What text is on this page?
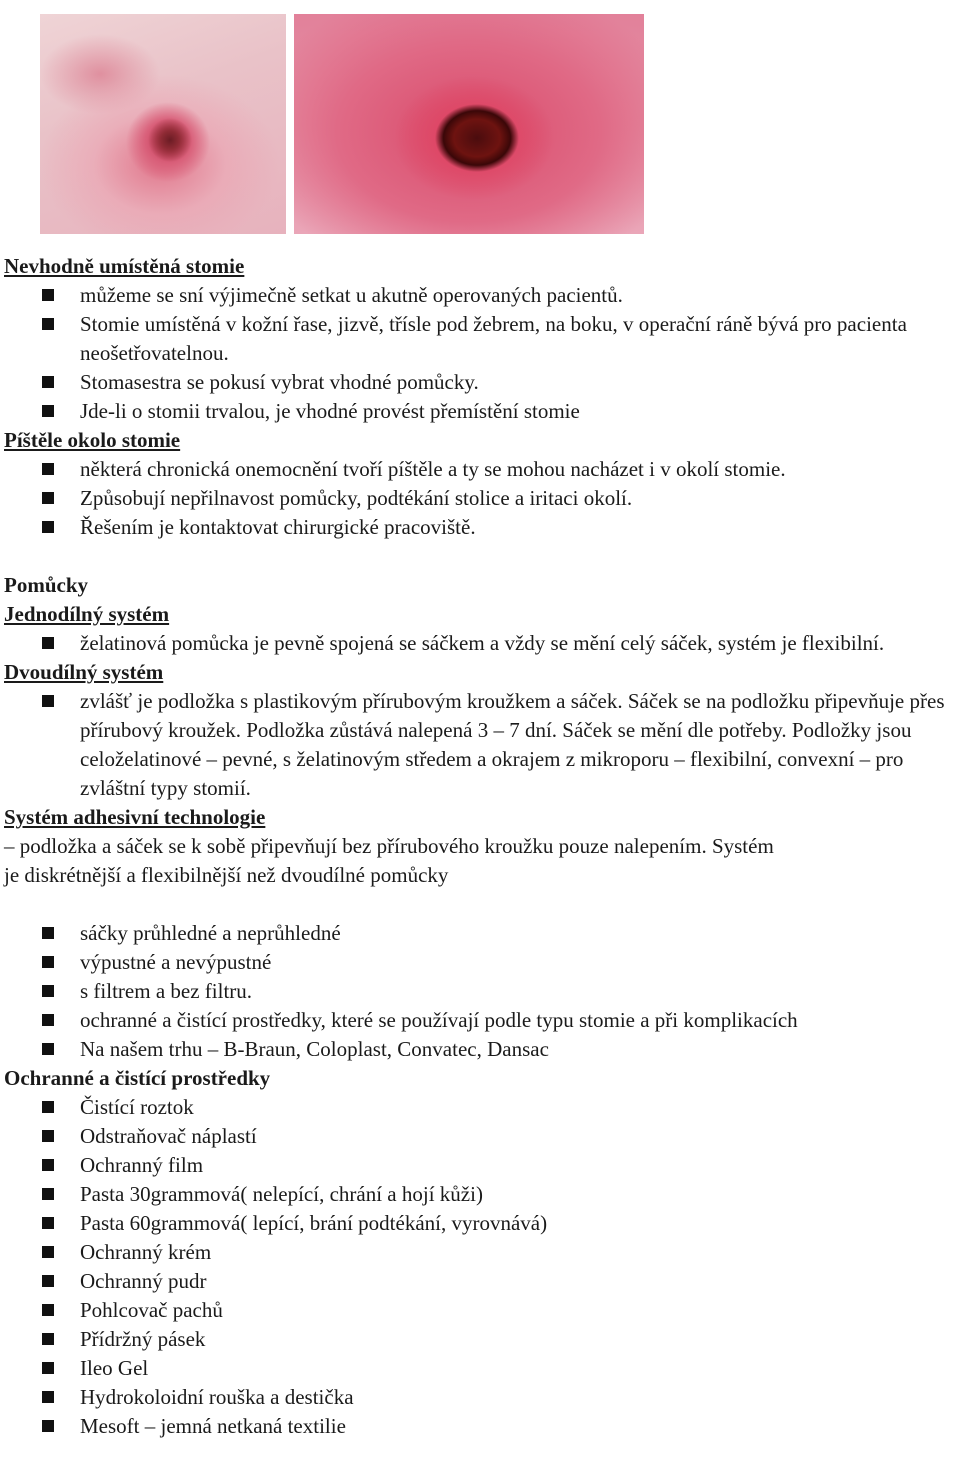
Nevhodně umístěná stomie

můžeme se sní výjimečně setkat u akutně operovaných pacientů.
Stomie umístěná v kožní řase, jizvě, třísle pod žebrem, na boku, v operační ráně bývá pro pacienta neošetřovatelnou.
Stomasestra se pokusí vybrat vhodné pomůcky.
Jde-li o stomii trvalou, je vhodné provést přemístění stomie

Píštěle okolo stomie

některá chronická onemocnění tvoří píštěle a ty se mohou nacházet i v okolí stomie.
Způsobují nepřilnavost pomůcky, podtékání stolice a iritaci okolí.
Řešením je kontaktovat chirurgické pracoviště.

Pomůcky

Jednodílný systém

želatinová pomůcka je pevně spojená se sáčkem a vždy se mění celý sáček, systém je flexibilní.

Dvoudílný systém

zvlášť je podložka s plastikovým přírubovým kroužkem a sáček. Sáček se na podložku připevňuje přes přírubový kroužek. Podložka zůstává nalepená 3 – 7 dní. Sáček se mění dle potřeby. Podložky jsou celoželatinové – pevné, s želatinovým středem a okrajem z mikroporu – flexibilní, convexní – pro zvláštní typy stomií.

Systém adhesivní technologie

– podložka a sáček se k sobě připevňují bez přírubového kroužku pouze nalepením. Systém

je diskrétnější a flexibilnější než dvoudílné pomůcky

sáčky průhledné a neprůhledné
výpustné a nevýpustné
s filtrem a bez filtru.
ochranné a čistící prostředky, které se používají podle typu stomie a při komplikacích
Na našem trhu – B-Braun, Coloplast, Convatec, Dansac

Ochranné a čistící prostředky

Čistící roztok
Odstraňovač náplastí
Ochranný film
Pasta 30grammová( nelepící, chrání a hojí kůži)
Pasta 60grammová( lepící, brání podtékání, vyrovnává)
Ochranný krém
Ochranný pudr
Pohlcovač pachů
Přídržný pásek
Ileo Gel
Hydrokoloidní rouška a destička
Mesoft – jemná netkaná textilie
